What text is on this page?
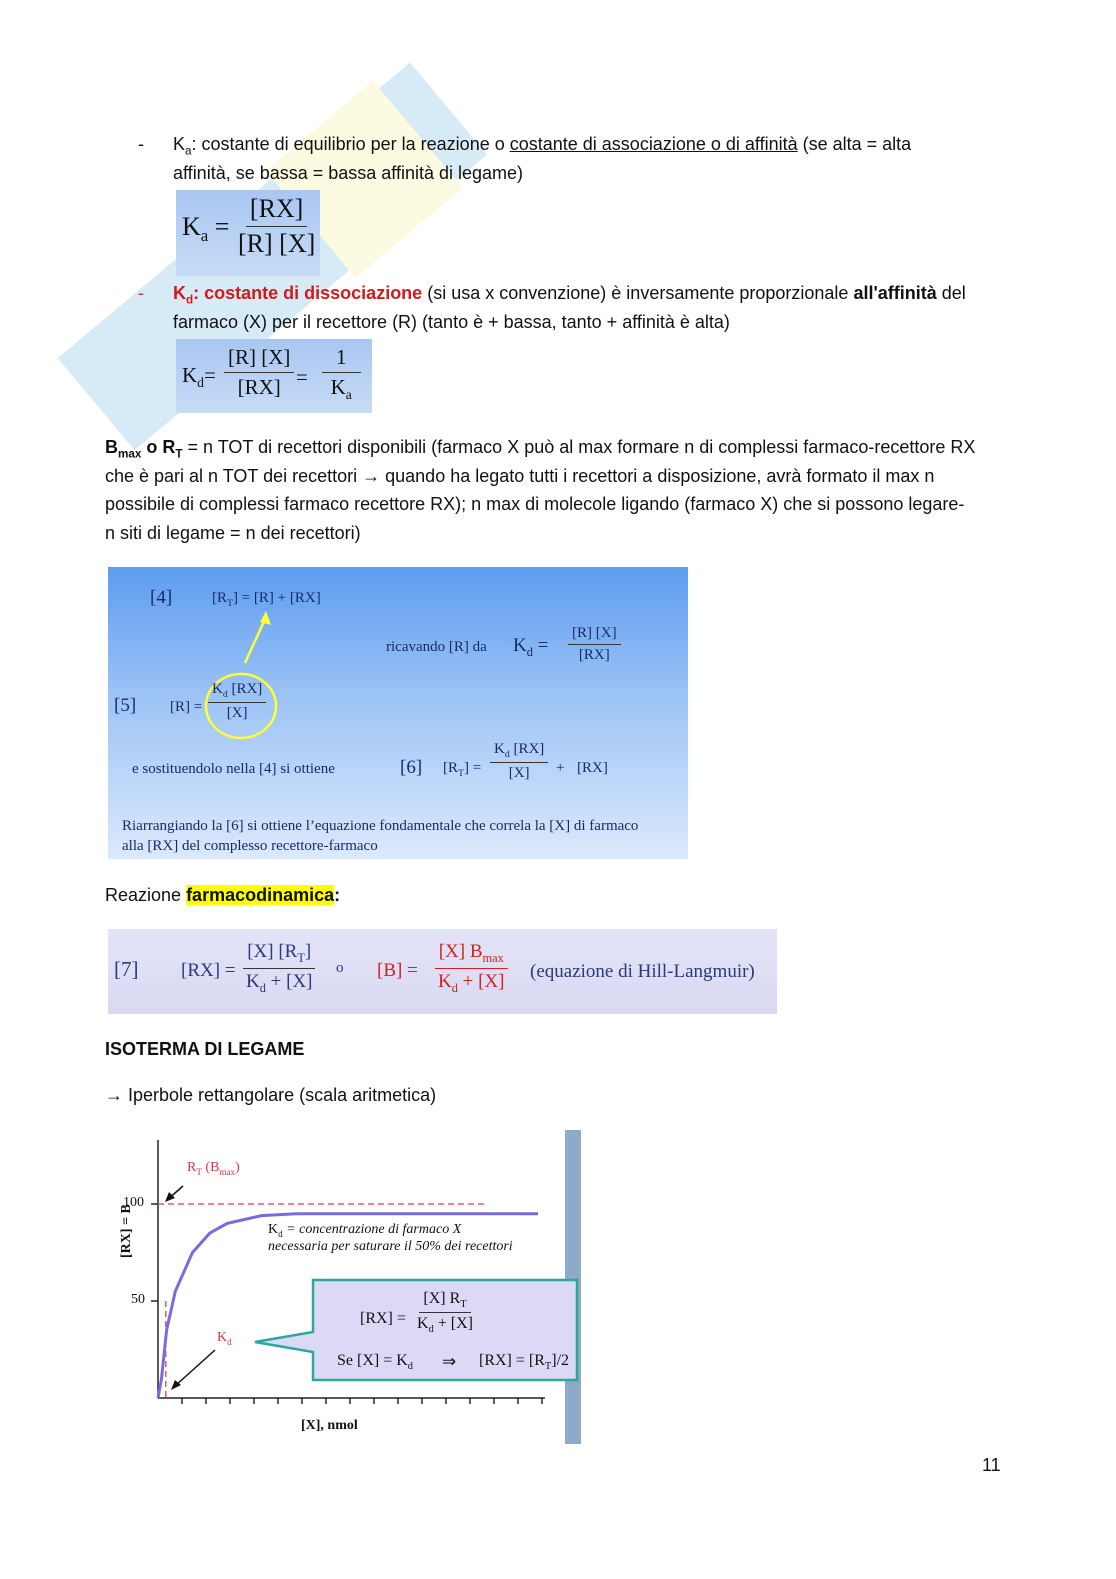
- $K_a$: costante di equilibrio per la reazione o costante di associazione o di affinità (se alta = alta
affinità, se bassa = bassa affinità di legame)
$K_a = \frac{[RX]}{[R] [X]}$
- $K_d$: costante di dissociazione (si usa x convenzione) è inversamente proporzionale all'affinità del
farmaco (X) per il recettore (R) (tanto è + bassa, tanto + affinità è alta)
$K_d= \frac{[R] [X]}{[RX]} = \frac{1}{K_a}$
$B_{max}$ o $R_T = n$ TOT di recettori disponibili (farmaco X può al max formare n di complessi farmaco-recettore RX
che è pari al n TOT dei recettori → quando ha legato tutti i recettori a disposizione, avrà formato il max n
possibile di complessi farmaco recettore RX); n max di molecole ligando (farmaco X) che si possono legare-
n siti di legame = n dei recettori)
[4]	$[R_T] = [R] + [RX]$
ricavando [R] da $K_d = \frac{[R] [X]}{[RX]}$
[5] $[R] = \frac{K_d [RX]}{[X]}$
e sostituendolo nella [4] si ottiene	[6] $[R_T] = \frac{K_d [RX]}{[X]} + [RX]$
Riarrangiando la [6] si ottiene l’equazione fondamentale che correla la [X] di farmaco
alla [RX] del complesso recettore-farmaco
Reazione farmacodinamica:
[7] $[RX] = \frac{[X] [R_T]}{K_d + [X]}$ o [B] =
[X] $B_{max}$
$K_d + [X]$ (equazione di Hill-Langmuir)
ISOTERMA DI LEGAME
→ Iperbole rettangolare (scala aritmetica)
[RX] = B
100
50
$R_T$ $(B_{max})$
$K_d$
$K_d$ = concentrazione di farmaco X
necessaria per saturare il 50% dei recettori
$[RX] = \frac{[X] R_T}{K_d + [X]}$
Se $[X] = K_d$ ⇒ $[RX] = [R_T]/2$
[X], nmol
11
